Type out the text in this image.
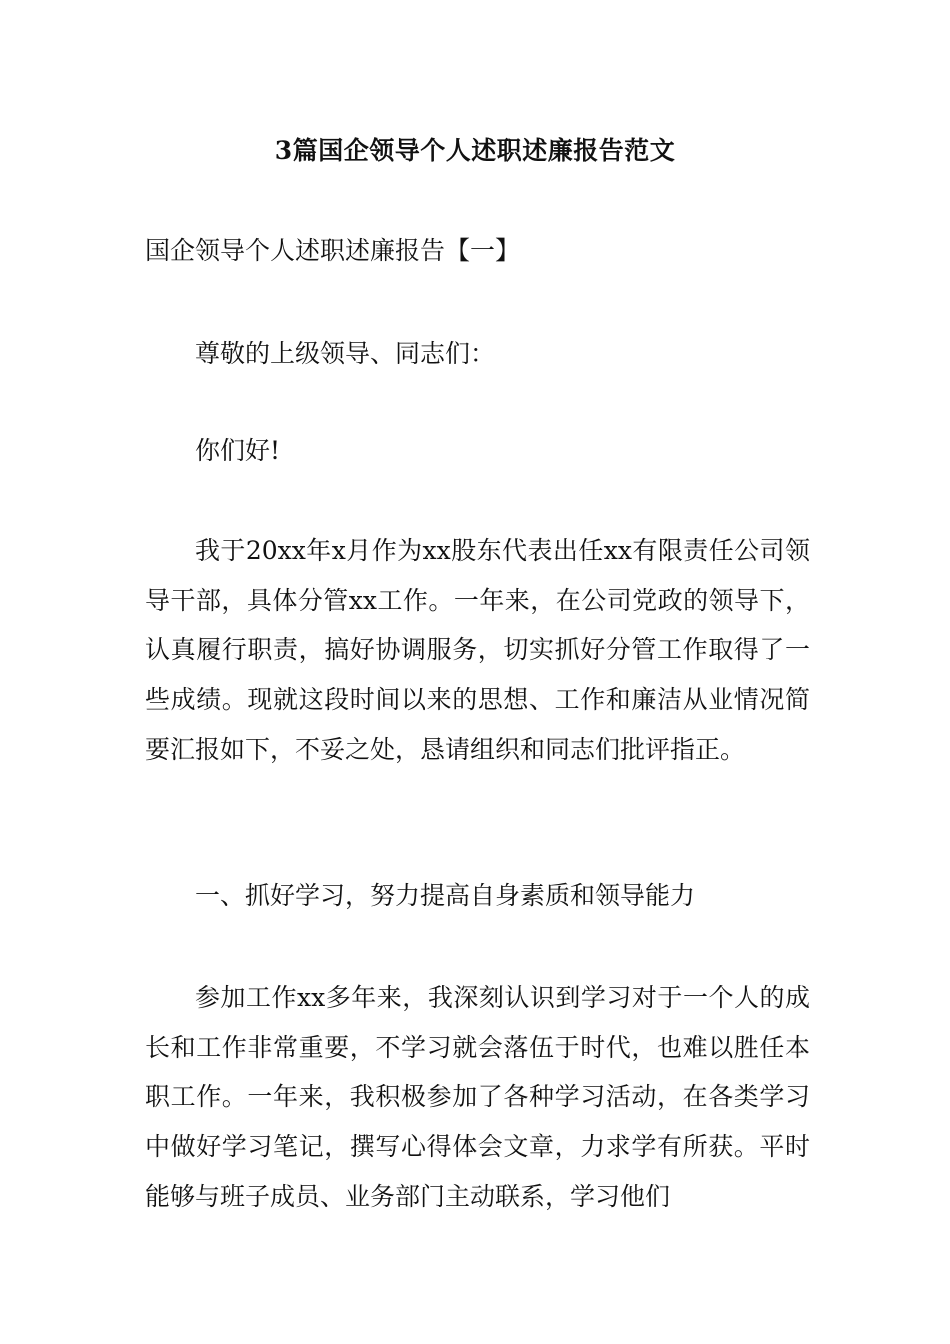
3篇国企领导个人述职述廉报告范文
国企领导个人述职述廉报告【一】
尊敬的上级领导、同志们：
你们好!
我于20xx年x月作为xx股东代表出任xx有限责任公司领导干部，具体分管xx工作。一年来，在公司党政的领导下，认真履行职责，搞好协调服务，切实抓好分管工作取得了一些成绩。现就这段时间以来的思想、工作和廉洁从业情况简要汇报如下，不妥之处，恳请组织和同志们批评指正。
一、抓好学习，努力提高自身素质和领导能力
参加工作xx多年来，我深刻认识到学习对于一个人的成长和工作非常重要，不学习就会落伍于时代，也难以胜任本职工作。一年来，我积极参加了各种学习活动，在各类学习中做好学习笔记，撰写心得体会文章，力求学有所获。平时能够与班子成员、业务部门主动联系，学习他们
